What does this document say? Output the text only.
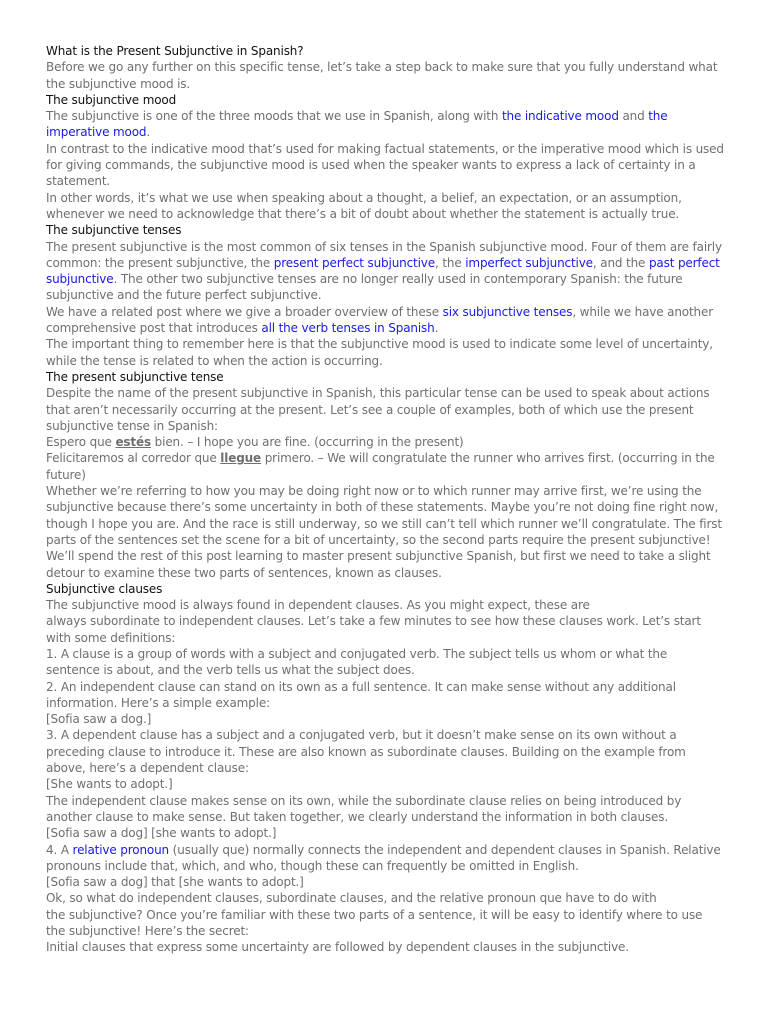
What is the Present Subjunctive in Spanish?

Before we go any further on this specific tense, let’s take a step back to make sure that you fully understand what the subjunctive mood is.

The subjunctive mood

The subjunctive is one of the three moods that we use in Spanish, along with the indicative mood and the imperative mood.

In contrast to the indicative mood that’s used for making factual statements, or the imperative mood which is used for giving commands, the subjunctive mood is used when the speaker wants to express a lack of certainty in a statement.

In other words, it’s what we use when speaking about a thought, a belief, an expectation, or an assumption, whenever we need to acknowledge that there’s a bit of doubt about whether the statement is actually true.

The subjunctive tenses

The present subjunctive is the most common of six tenses in the Spanish subjunctive mood. Four of them are fairly common: the present subjunctive, the present perfect subjunctive, the imperfect subjunctive, and the past perfect subjunctive. The other two subjunctive tenses are no longer really used in contemporary Spanish: the future subjunctive and the future perfect subjunctive.

We have a related post where we give a broader overview of these six subjunctive tenses, while we have another comprehensive post that introduces all the verb tenses in Spanish.

The important thing to remember here is that the subjunctive mood is used to indicate some level of uncertainty, while the tense is related to when the action is occurring.

The present subjunctive tense

Despite the name of the present subjunctive in Spanish, this particular tense can be used to speak about actions that aren’t necessarily occurring at the present. Let’s see a couple of examples, both of which use the present subjunctive tense in Spanish:

Espero que estés bien. – I hope you are fine. (occurring in the present)

Felicitaremos al corredor que llegue primero. – We will congratulate the runner who arrives first. (occurring in the future)

Whether we’re referring to how you may be doing right now or to which runner may arrive first, we’re using the subjunctive because there’s some uncertainty in both of these statements. Maybe you’re not doing fine right now, though I hope you are. And the race is still underway, so we still can’t tell which runner we’ll congratulate. The first parts of the sentences set the scene for a bit of uncertainty, so the second parts require the present subjunctive!

We’ll spend the rest of this post learning to master present subjunctive Spanish, but first we need to take a slight detour to examine these two parts of sentences, known as clauses.

Subjunctive clauses

The subjunctive mood is always found in dependent clauses. As you might expect, these are

always subordinate to independent clauses. Let’s take a few minutes to see how these clauses work. Let’s start with some definitions:

1. A clause is a group of words with a subject and conjugated verb. The subject tells us whom or what the sentence is about, and the verb tells us what the subject does.

2. An independent clause can stand on its own as a full sentence. It can make sense without any additional information. Here’s a simple example:

[Sofia saw a dog.]

3. A dependent clause has a subject and a conjugated verb, but it doesn’t make sense on its own without a preceding clause to introduce it. These are also known as subordinate clauses. Building on the example from above, here’s a dependent clause:

[She wants to adopt.]

The independent clause makes sense on its own, while the subordinate clause relies on being introduced by another clause to make sense. But taken together, we clearly understand the information in both clauses.

[Sofia saw a dog] [she wants to adopt.]

4. A relative pronoun (usually que) normally connects the independent and dependent clauses in Spanish. Relative pronouns include that, which, and who, though these can frequently be omitted in English.

[Sofia saw a dog] that [she wants to adopt.]

Ok, so what do independent clauses, subordinate clauses, and the relative pronoun que have to do with

the subjunctive? Once you’re familiar with these two parts of a sentence, it will be easy to identify where to use the subjunctive! Here’s the secret:

Initial clauses that express some uncertainty are followed by dependent clauses in the subjunctive.
